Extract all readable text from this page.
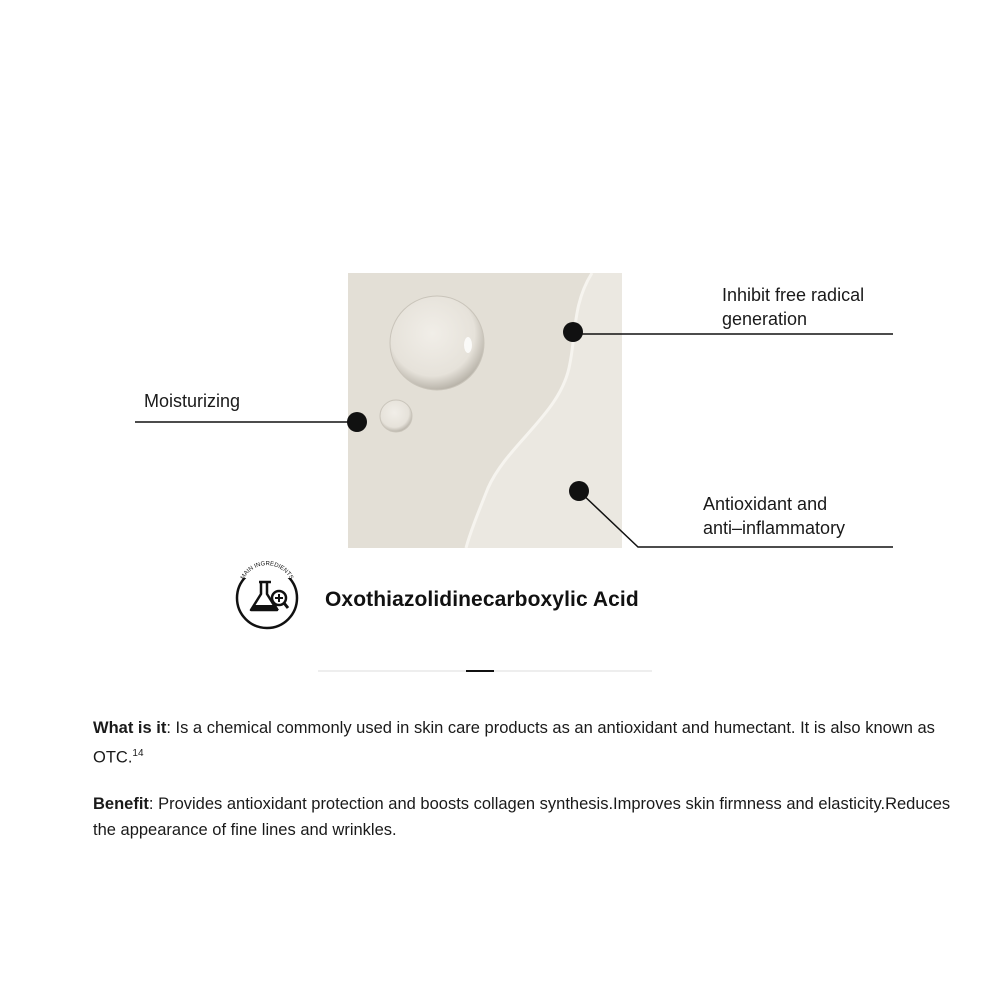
Moisturizing
Inhibit free radical
generation
Antioxidant and
anti–inflammatory
MAIN INGREDIENTS
Oxothiazolidinecarboxylic Acid
What is it: Is a chemical commonly used in skin care products as an antioxidant and humectant. It is also known as OTC.$^{14}$
Benefit: Provides antioxidant protection and boosts collagen synthesis.Improves skin firmness and elasticity.Reduces the appearance of fine lines and wrinkles.
